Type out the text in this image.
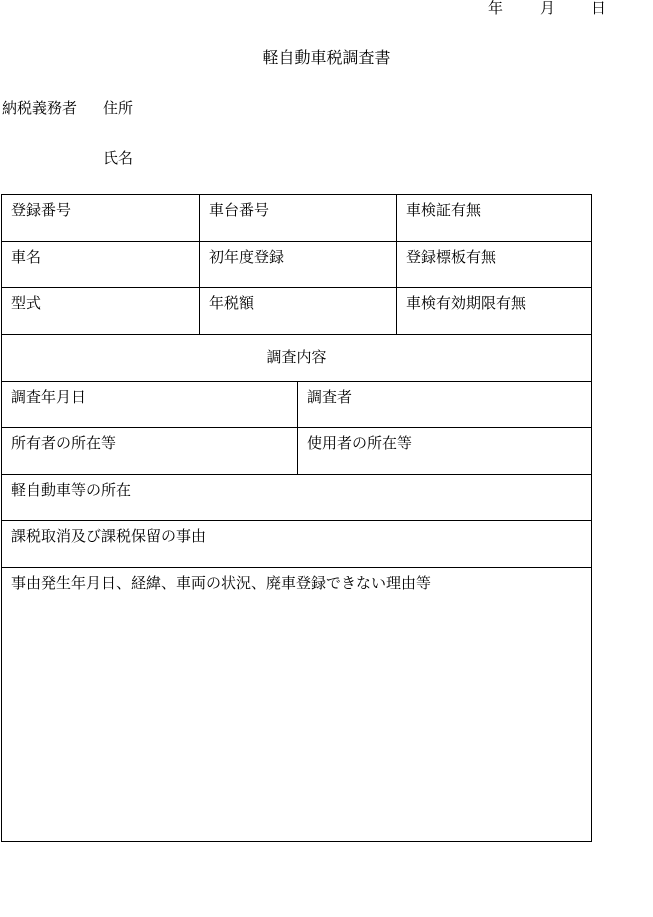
年 月 日
軽自動車税調査書
納税義務者 住所
氏名
登録番号	車台番号	車検証有無
車名	初年度登録	登録標板有無
型式	年税額	車検有効期限有無
調査内容
調査年月日	調査者
所有者の所在等	使用者の所在等
軽自動車等の所在
課税取消及び課税保留の事由
事由発生年月日、経緯、車両の状況、廃車登録できない理由等
